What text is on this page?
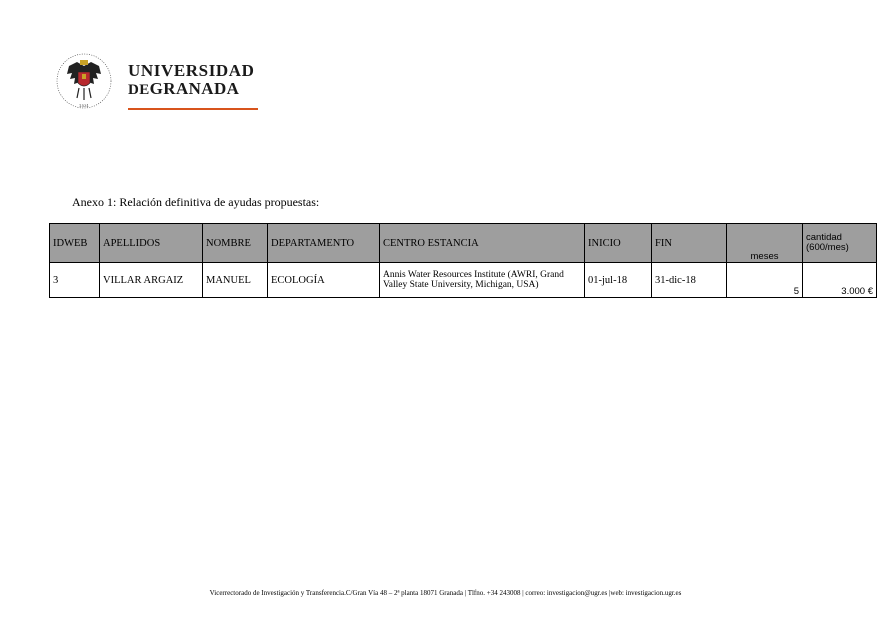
1531
UNIVERSIDAD
DEGRANADA
Anexo 1: Relación definitiva de ayudas propuestas:
IDWEB	APELLIDOS	NOMBRE	DEPARTAMENTO	CENTRO ESTANCIA	INICIO	FIN	meses	cantidad (600/mes)
3	VILLAR ARGAIZ	MANUEL	ECOLOGÍA	Annis Water Resources Institute (AWRI, Grand Valley State University, Michigan, USA)	01-jul-18	31-dic-18	5	3.000 €
Vicerrectorado de Investigación y Transferencia.C/Gran Vía 48 – 2ª planta 18071 Granada | Tlfno. +34 243008 | correo: investigacion@ugr.es |web: investigacion.ugr.es
